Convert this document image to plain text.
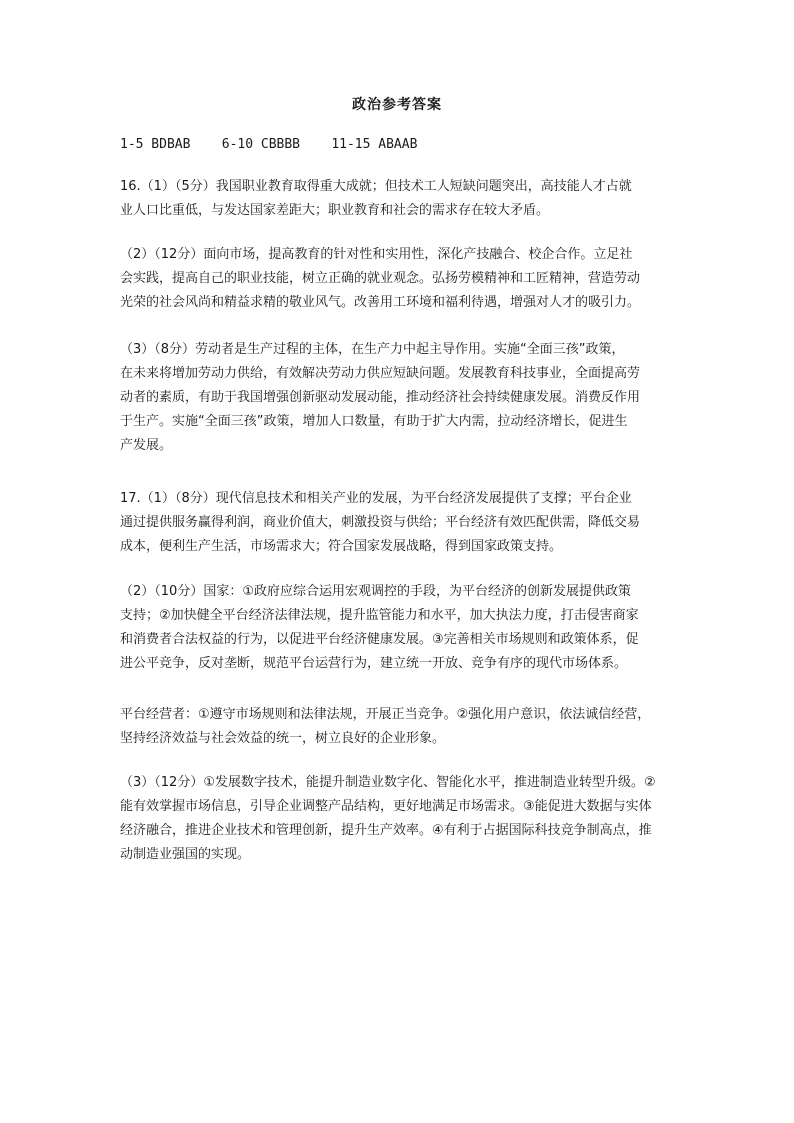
政治参考答案
1-5 BDBAB    6-10 CBBBB    11-15 ABAAB
16.（1）（5分）我国职业教育取得重大成就；但技术工人短缺问题突出，高技能人才占就
业人口比重低，与发达国家差距大；职业教育和社会的需求存在较大矛盾。
（2）（12分）面向市场，提高教育的针对性和实用性，深化产技融合、校企合作。立足社
会实践，提高自己的职业技能，树立正确的就业观念。弘扬劳模精神和工匠精神，营造劳动
光荣的社会风尚和精益求精的敬业风气。改善用工环境和福利待遇，增强对人才的吸引力。
（3）（8分）劳动者是生产过程的主体，在生产力中起主导作用。实施“全面三孩”政策，
在未来将增加劳动力供给，有效解决劳动力供应短缺问题。发展教育科技事业，全面提高劳
动者的素质，有助于我国增强创新驱动发展动能，推动经济社会持续健康发展。消费反作用
于生产。实施“全面三孩”政策，增加人口数量，有助于扩大内需，拉动经济增长，促进生
产发展。
17.（1）（8分）现代信息技术和相关产业的发展，为平台经济发展提供了支撑；平台企业
通过提供服务赢得利润，商业价值大，刺激投资与供给；平台经济有效匹配供需，降低交易
成本，便利生产生活，市场需求大；符合国家发展战略，得到国家政策支持。
（2）（10分）国家：①政府应综合运用宏观调控的手段，为平台经济的创新发展提供政策
支持；②加快健全平台经济法律法规，提升监管能力和水平，加大执法力度，打击侵害商家
和消费者合法权益的行为，以促进平台经济健康发展。③完善相关市场规则和政策体系，促
进公平竞争，反对垄断，规范平台运营行为，建立统一开放、竞争有序的现代市场体系。
平台经营者：①遵守市场规则和法律法规，开展正当竞争。②强化用户意识，依法诚信经营，
坚持经济效益与社会效益的统一，树立良好的企业形象。
（3）（12分）①发展数字技术，能提升制造业数字化、智能化水平，推进制造业转型升级。②
能有效掌握市场信息，引导企业调整产品结构，更好地满足市场需求。③能促进大数据与实体
经济融合，推进企业技术和管理创新，提升生产效率。④有利于占据国际科技竞争制高点，推
动制造业强国的实现。
